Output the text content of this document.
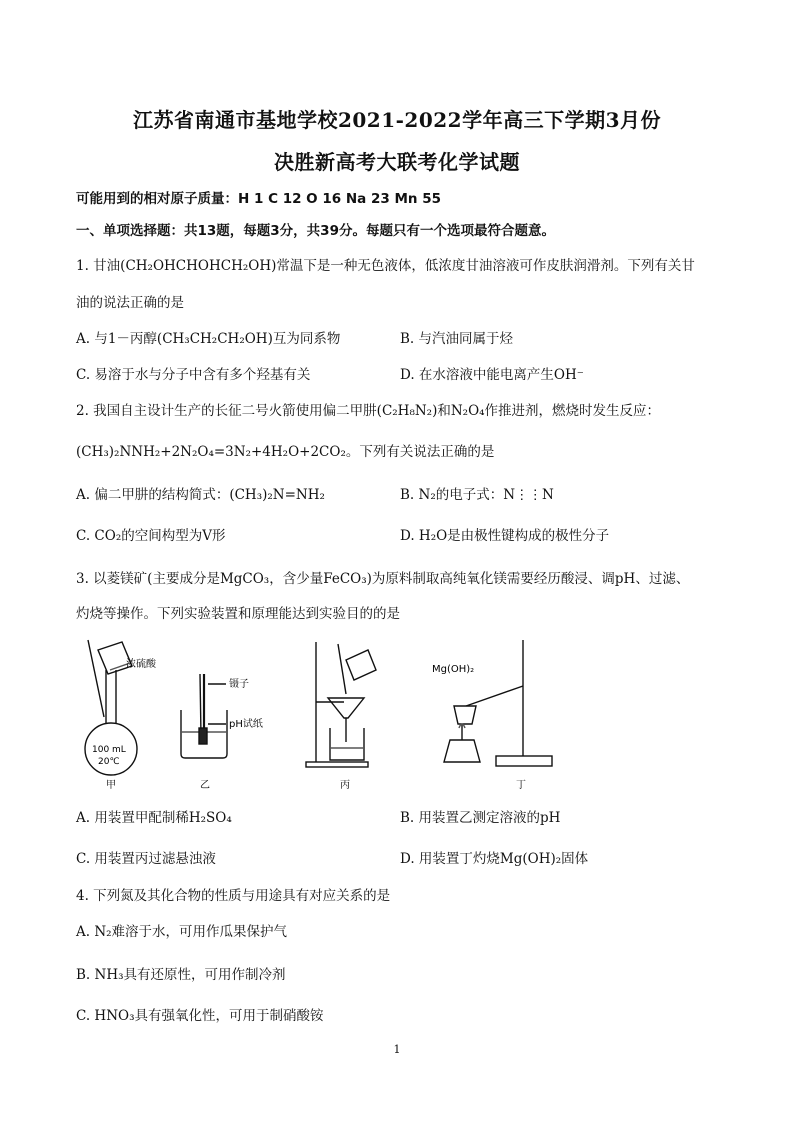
江苏省南通市基地学校2021-2022学年高三下学期3月份
决胜新高考大联考化学试题
可能用到的相对原子质量：H 1 C 12 O 16 Na 23 Mn 55
一、单项选择题：共13题，每题3分，共39分。每题只有一个选项最符合题意。
1. 甘油(CH₂OHCHOHCH₂OH)常温下是一种无色液体，低浓度甘油溶液可作皮肤润滑剂。下列有关甘
油的说法正确的是
A. 与1－丙醇(CH₃CH₂CH₂OH)互为同系物	B. 与汽油同属于烃
C. 易溶于水与分子中含有多个羟基有关	D. 在水溶液中能电离产生OH⁻
2. 我国自主设计生产的长征二号火箭使用偏二甲肼(C₂H₈N₂)和N₂O₄作推进剂，燃烧时发生反应：
(CH₃)₂NNH₂+2N₂O₄=3N₂+4H₂O+2CO₂。下列有关说法正确的是
A. 偏二甲肼的结构简式：(CH₃)₂N=NH₂	B. N₂的电子式：N⋮⋮N
C. CO₂的空间构型为V形	D. H₂O是由极性键构成的极性分子
3. 以菱镁矿(主要成分是MgCO₃，含少量FeCO₃)为原料制取高纯氧化镁需要经历酸浸、调pH、过滤、
灼烧等操作。下列实验装置和原理能达到实验目的的是
浓硫酸
100 mL
20℃
镊子
pH试纸
Mg(OH)₂
甲	乙	丙	丁
A. 用装置甲配制稀H₂SO₄	B. 用装置乙测定溶液的pH
C. 用装置丙过滤悬浊液	D. 用装置丁灼烧Mg(OH)₂固体
4. 下列氮及其化合物的性质与用途具有对应关系的是
A. N₂难溶于水，可用作瓜果保护气
B. NH₃具有还原性，可用作制冷剂
C. HNO₃具有强氧化性，可用于制硝酸铵
1
